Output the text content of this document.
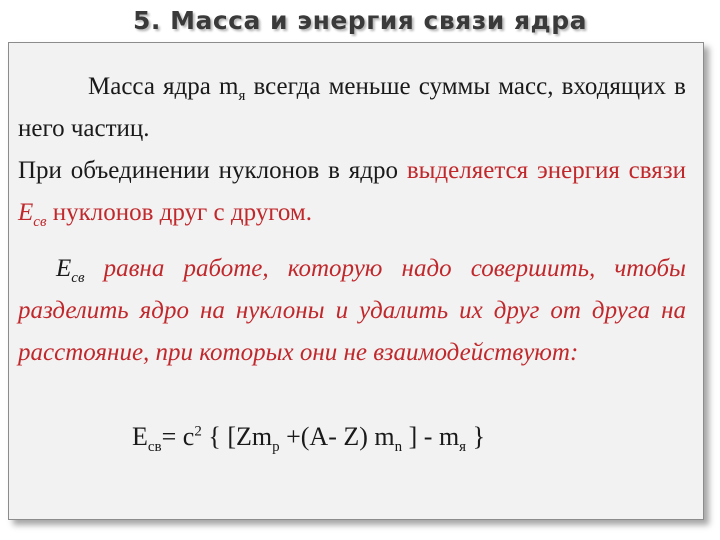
5. Масса и энергия связи ядра

Масса ядра $m_я$ всегда меньше суммы масс, входящих в него частиц.

При объединении нуклонов в ядро выделяется энергия связи $E_{св}$ нуклонов друг с другом.

$E_{св}$ равна работе, которую надо совершить, чтобы разделить ядро на нуклоны и удалить их друг от друга на расстояние, при которых они не взаимодействуют:

$E_{св}= c^2$ { [$Zm_p +(A-$ Z) $m_n$ ] - $m_я$ }
